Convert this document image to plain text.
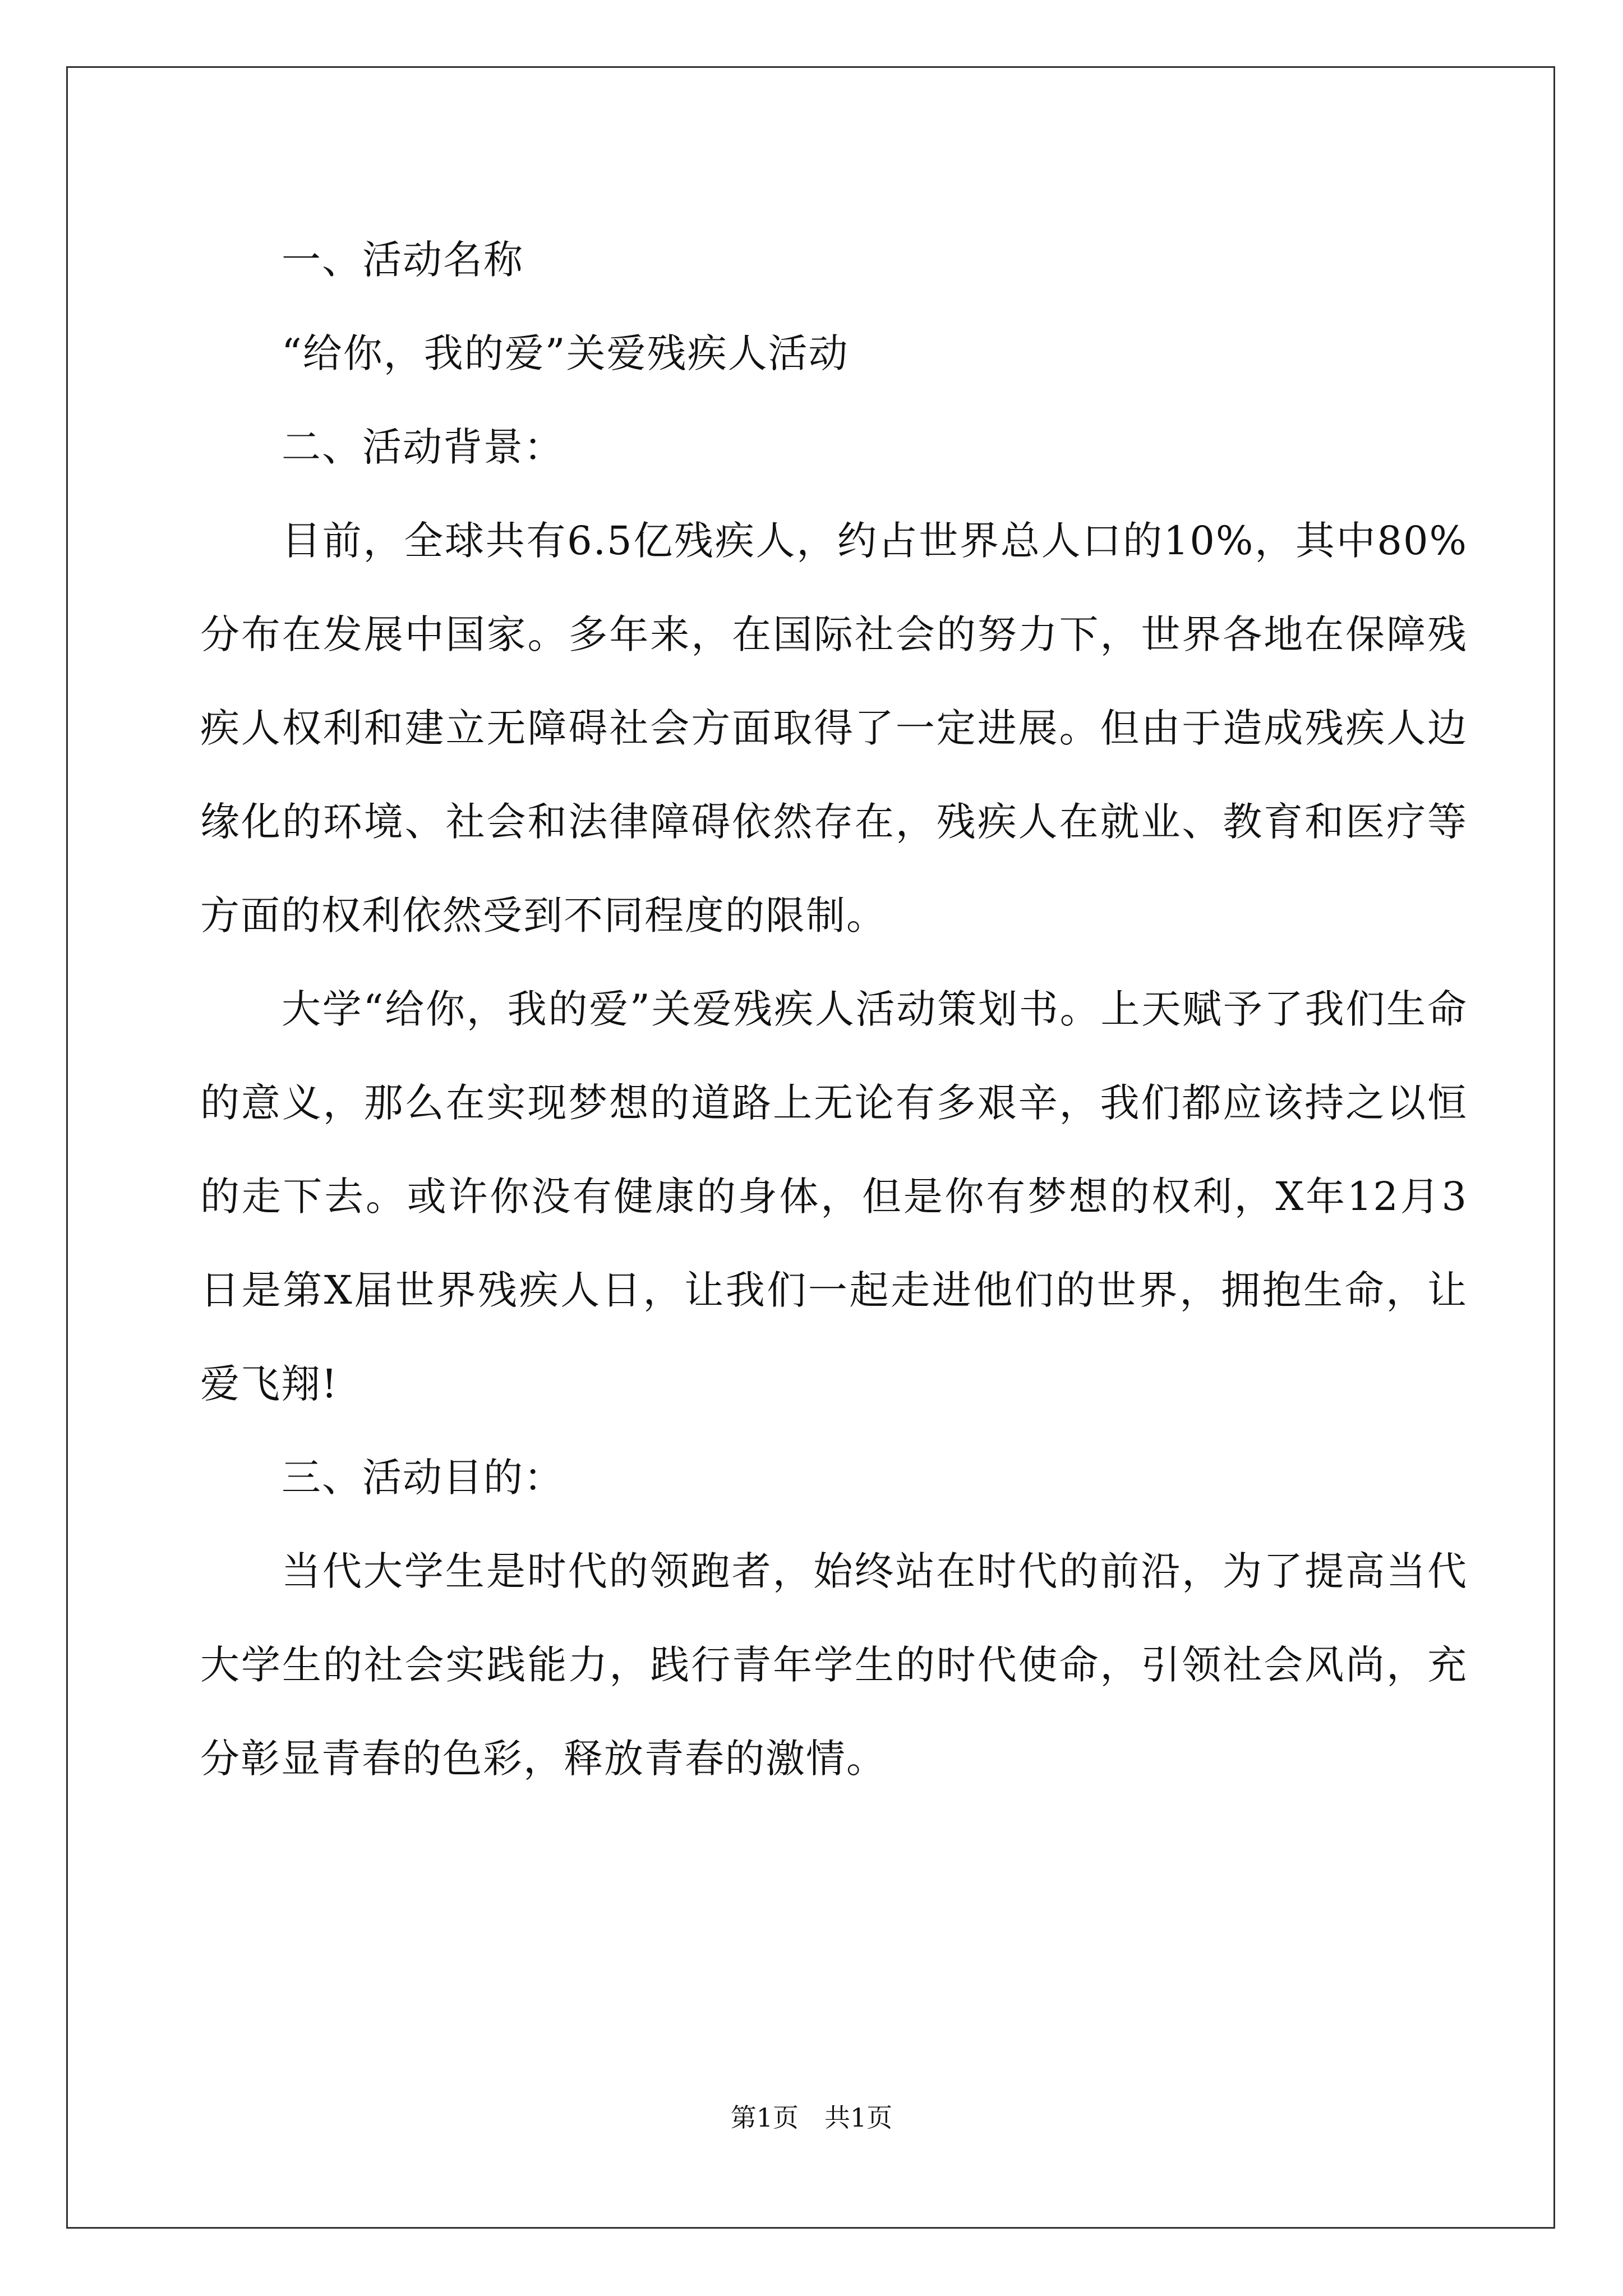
一、活动名称

“给你，我的爱”关爱残疾人活动

二、活动背景：

目前，全球共有6.5亿残疾人，约占世界总人口的10%，其中80%分布在发展中国家。多年来，在国际社会的努力下，世界各地在保障残疾人权利和建立无障碍社会方面取得了一定进展。但由于造成残疾人边缘化的环境、社会和法律障碍依然存在，残疾人在就业、教育和医疗等方面的权利依然受到不同程度的限制。

大学“给你，我的爱”关爱残疾人活动策划书。上天赋予了我们生命的意义，那么在实现梦想的道路上无论有多艰辛，我们都应该持之以恒的走下去。或许你没有健康的身体，但是你有梦想的权利，X年12月3日是第X届世界残疾人日，让我们一起走进他们的世界，拥抱生命，让爱飞翔!

三、活动目的：

当代大学生是时代的领跑者，始终站在时代的前沿，为了提高当代大学生的社会实践能力，践行青年学生的时代使命，引领社会风尚，充分彰显青春的色彩，释放青春的激情。

第1页　共1页
